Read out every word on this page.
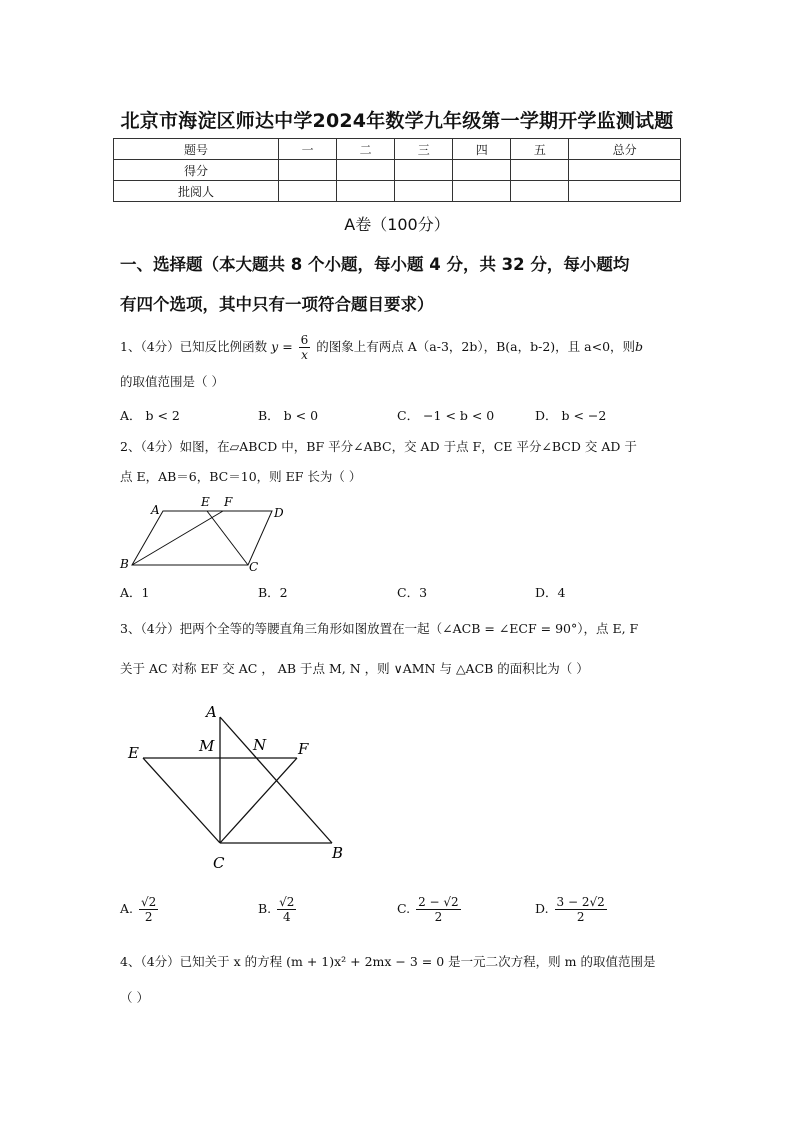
北京市海淀区师达中学2024年数学九年级第一学期开学监测试题
题号	一	二	三	四	五	总分
得分						
批阅人						
A卷（100分）
一、选择题（本大题共 8 个小题，每小题 4 分，共 32 分，每小题均
有四个选项，其中只有一项符合题目要求）
1、（4分）已知反比例函数 $y = \frac{6}{x}$ 的图象上有两点 A（a-3，2b），B(a，b-2)，且 a<0，则b
的取值范围是（ ）
A． b < 2	B． b < 0	C． −1 < b < 0	D． b < −2
2、（4分）如图，在▱ABCD 中，BF 平分∠ABC，交 AD 于点 F，CE 平分∠BCD 交 AD 于
点 E，AB＝6，BC＝10，则 EF 长为（ ）
A
E F
D
B	C
A．1	B．2	C．3	D．4
3、（4分）把两个全等的等腰直角三角形如图放置在一起（∠ACB = ∠ECF = 90°），点 E, F
关于 AC 对称 EF 交 AC ， AB 于点 M, N ，则 ∨AMN 与 △ACB 的面积比为（ ）
A
E	M	N F
C
B
A. $\frac{√2}{2}$	B. $\frac{√2}{4}$	C. $\frac{2 - √2}{2}$	D. $\frac{3 - 2√2}{2}$
4、（4分）已知关于 x 的方程 (m + 1)x² + 2mx − 3 = 0 是一元二次方程，则 m 的取值范围是
（ ）
